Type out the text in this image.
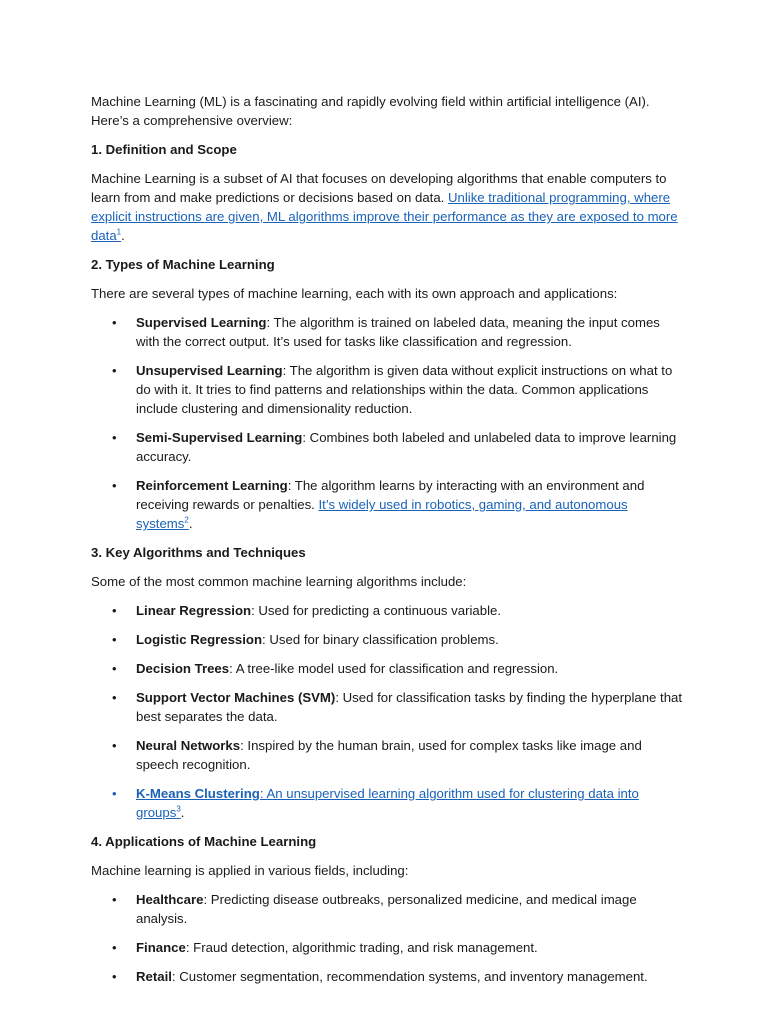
Machine Learning (ML) is a fascinating and rapidly evolving field within artificial intelligence (AI). Here’s a comprehensive overview:

1. Definition and Scope

Machine Learning is a subset of AI that focuses on developing algorithms that enable computers to learn from and make predictions or decisions based on data. Unlike traditional programming, where explicit instructions are given, ML algorithms improve their performance as they are exposed to more data$^1$.

2. Types of Machine Learning

There are several types of machine learning, each with its own approach and applications:

• Supervised Learning: The algorithm is trained on labeled data, meaning the input comes with the correct output. It’s used for tasks like classification and regression.
• Unsupervised Learning: The algorithm is given data without explicit instructions on what to do with it. It tries to find patterns and relationships within the data. Common applications include clustering and dimensionality reduction.
• Semi-Supervised Learning: Combines both labeled and unlabeled data to improve learning accuracy.
• Reinforcement Learning: The algorithm learns by interacting with an environment and receiving rewards or penalties. It’s widely used in robotics, gaming, and autonomous systems$^2$.

3. Key Algorithms and Techniques

Some of the most common machine learning algorithms include:

• Linear Regression: Used for predicting a continuous variable.
• Logistic Regression: Used for binary classification problems.
• Decision Trees: A tree-like model used for classification and regression.
• Support Vector Machines (SVM): Used for classification tasks by finding the hyperplane that best separates the data.
• Neural Networks: Inspired by the human brain, used for complex tasks like image and speech recognition.
• K-Means Clustering: An unsupervised learning algorithm used for clustering data into groups$^3$.

4. Applications of Machine Learning

Machine learning is applied in various fields, including:

• Healthcare: Predicting disease outbreaks, personalized medicine, and medical image analysis.
• Finance: Fraud detection, algorithmic trading, and risk management.
• Retail: Customer segmentation, recommendation systems, and inventory management.
